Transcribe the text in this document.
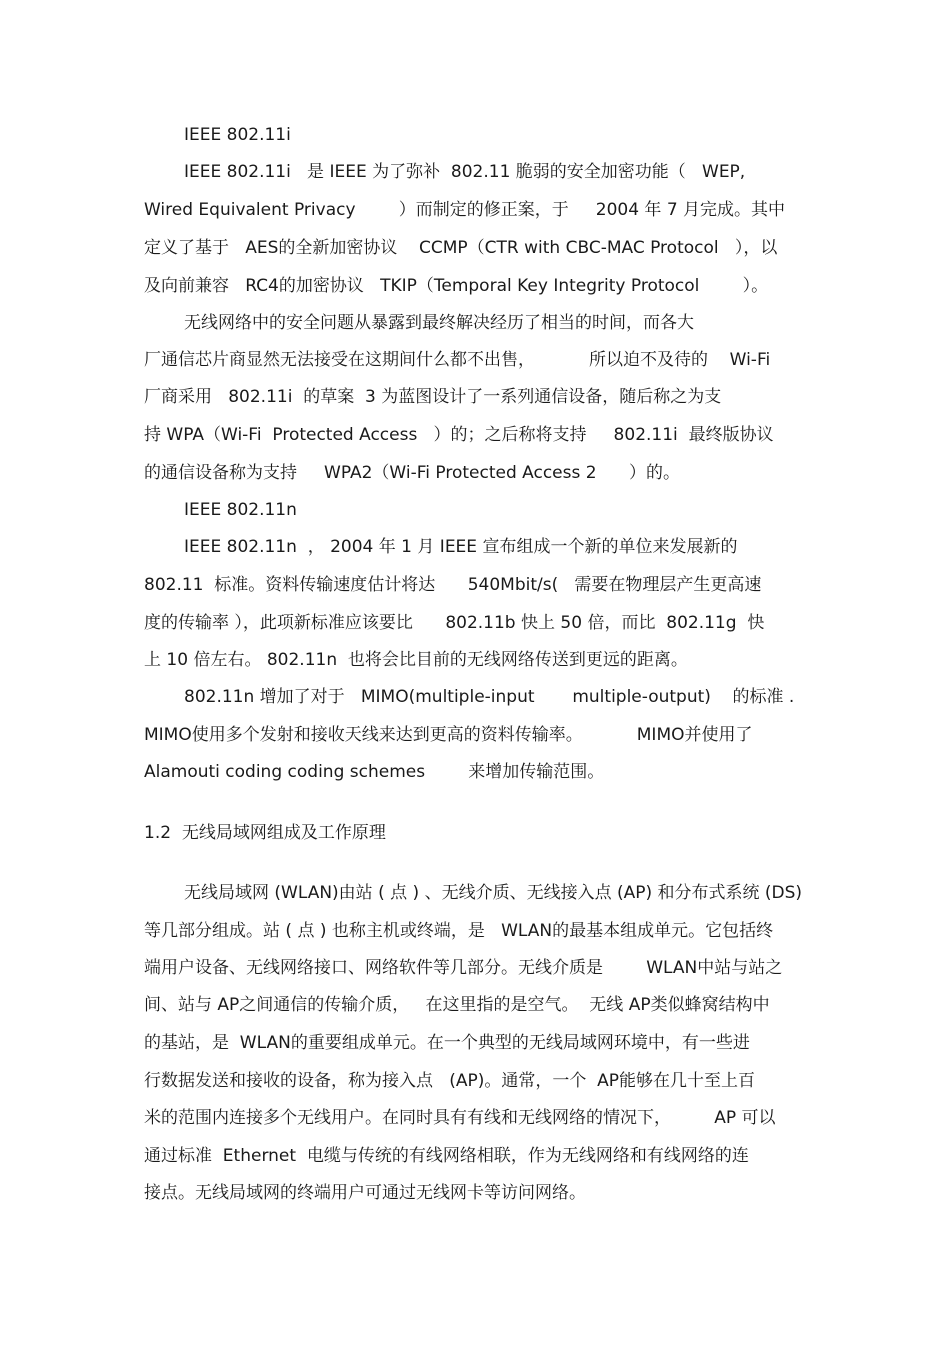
IEEE 802.11i
IEEE 802.11i   是 IEEE 为了弥补  802.11 脆弱的安全加密功能（   WEP,
Wired Equivalent Privacy        ）而制定的修正案，于     2004 年 7 月完成。其中
定义了基于   AES的全新加密协议    CCMP（CTR with CBC-MAC Protocol   ），以
及向前兼容   RC4的加密协议   TKIP（Temporal Key Integrity Protocol        ）。
无线网络中的安全问题从暴露到最终解决经历了相当的时间，而各大
厂通信芯片商显然无法接受在这期间什么都不出售，          所以迫不及待的    Wi-Fi
厂商采用   802.11i  的草案  3 为蓝图设计了一系列通信设备，随后称之为支
持 WPA（Wi-Fi  Protected Access   ）的；之后称将支持     802.11i  最终版协议
的通信设备称为支持     WPA2（Wi-Fi Protected Access 2      ）的。
IEEE 802.11n
IEEE 802.11n  ， 2004 年 1 月 IEEE 宣布组成一个新的单位来发展新的
802.11  标准。资料传输速度估计将达      540Mbit/s(   需要在物理层产生更高速
度的传输率 ），此项新标准应该要比      802.11b 快上 50 倍，而比  802.11g  快
上 10 倍左右。 802.11n  也将会比目前的无线网络传送到更远的距离。
802.11n 增加了对于   MIMO(multiple-input       multiple-output)    的标准 .
MIMO使用多个发射和接收天线来达到更高的资料传输率。          MIMO并使用了
Alamouti coding coding schemes        来增加传输范围。
1.2  无线局域网组成及工作原理
无线局域网 (WLAN)由站 ( 点 ) 、无线介质、无线接入点 (AP) 和分布式系统 (DS)
等几部分组成。站 ( 点 ) 也称主机或终端，是   WLAN的最基本组成单元。它包括终
端用户设备、无线网络接口、网络软件等几部分。无线介质是        WLAN中站与站之
间、站与 AP之间通信的传输介质，   在这里指的是空气。  无线 AP类似蜂窝结构中
的基站，是  WLAN的重要组成单元。在一个典型的无线局域网环境中，有一些进
行数据发送和接收的设备，称为接入点   (AP)。通常，一个  AP能够在几十至上百
米的范围内连接多个无线用户。在同时具有有线和无线网络的情况下，        AP 可以
通过标准  Ethernet  电缆与传统的有线网络相联，作为无线网络和有线网络的连
接点。无线局域网的终端用户可通过无线网卡等访问网络。
